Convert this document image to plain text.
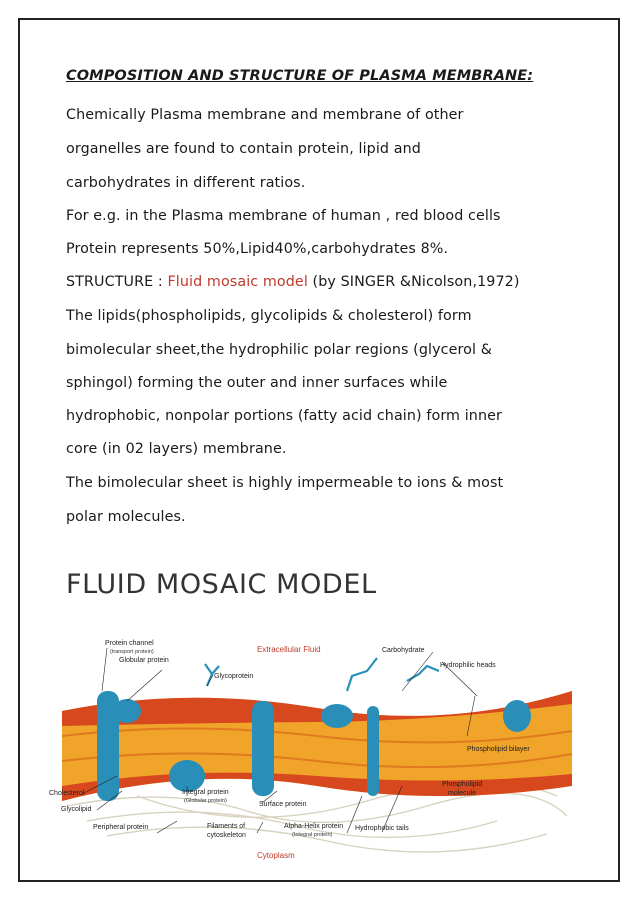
COMPOSITION AND STRUCTURE OF PLASMA MEMBRANE:
Chemically Plasma membrane and membrane of other
organelles are found to contain protein, lipid and
carbohydrates in different ratios.
For e.g. in the Plasma membrane of human , red blood cells
Protein represents 50%,Lipid40%,carbohydrates 8%.
STRUCTURE : Fluid mosaic model (by SINGER &Nicolson,1972)
The lipids(phospholipids, glycolipids & cholesterol) form
bimolecular sheet,the hydrophilic polar regions (glycerol &
sphingol) forming the outer and inner surfaces while
hydrophobic, nonpolar portions (fatty acid chain) form inner
core (in 02 layers) membrane.
The bimolecular sheet is highly impermeable to ions & most
polar molecules.
FLUID MOSAIC MODEL
Extracellular Fluid
Protein channel
(transport protein)
Globular protein
Glycoprotein
Carbohydrate
Hydrophilic heads
Phospholipid bilayer
Phospholipid
molecule
Cholesterol
Glycolipid
Integral protein
(Globular protein)	Surface protein
Peripheral protein	Filaments of
cytoskeleton
Alpha-Helix protein
(Integral protein)
Hydrophobic tails
Cytoplasm
